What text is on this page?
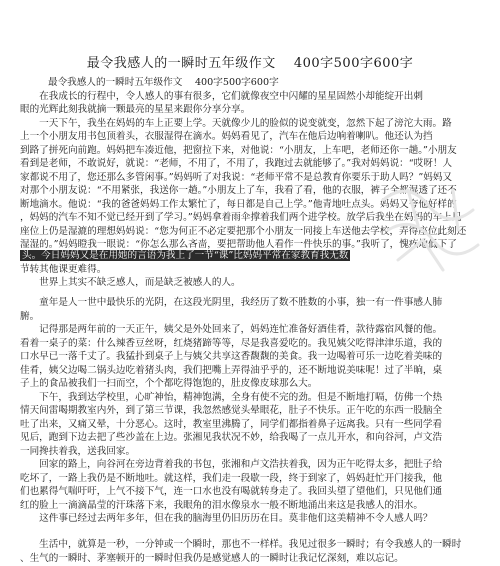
最令我感人的一瞬时五年级作文　 400字500字600字
最令我感人的一瞬时五年级作文　 400字500字600字
　　在我成长的行程中，令人感人的事有很多，它们就像夜空中闪耀的星星固然小却能绽开出刺
眼的光辉此刻我就摘一颗最亮的星星来跟你分享分享。
　　一天下午，我坐在妈妈的车上正要上学。天就像少儿的脸似的说变就变，忽然下起了滂沱大雨。路
上一个小朋友用书包顶着头，衣服湿得在滴水。妈妈看见了，汽车在他后边响着喇叭。他还认为挡
到路了拼死向前跑。妈妈把车凑近他，把窗拉下来，对他说：“小朋友，上车吧，老师还你一趟。”小朋友
看到是老师，不敢说好，就说：“老师，不用了，不用了，我跑过去就能够了。”我对妈妈说：“哎呀！人
家都说不用了，您还那么多管闲事。”妈妈听了对我说：“老师平常不是总教育你要乐于助人吗？”妈妈又
对那个小朋友说：“不用紧张，我送你一趟。”小朋友上了车，我看了看，他的衣服，裤子全都湿透了还不
断地滴水。他说：“我的爸爸妈妈工作太繁忙了，每日都是自己上学。”他青地吐点头。妈妈又夸他好样的
，妈妈的汽车不知不觉已经开到了学习。”妈妈拿着雨伞撑着我们两个进学校。放学后我坐在妈妈的车上见
座位上仍是湿漉的理想妈妈说：“您为何正不必定要把那个小朋友一同接上车送他去学校，弄得座位此刻还
湿湿的。”妈妈瞪我一眼说：“你怎么那么吝啬，要把帮助他人看作一件快乐的事。”我听了，愧疚地低下了
头。今日妈妈又是在用她的言语为我上了一节“课”比妈妈平常在家教育我无数
节转其他课更难得。
　　世界上其实不缺乏感人，而是缺乏被感人的人。
　　童年是人一世中最快乐的光阴，在这段光阴里，我经历了数不胜数的小事，独一有一件事感人肺
腑。
　　记得那是两年前的一天正午，姨父是外处回来了，妈妈连忙准备好酒佳肴，款待露宿风餐的他。
看着一桌子的菜：什么辣香豆丝呀，红烧猪蹄等等，尽是我喜爱吃的。我见姨父吃得津津乐道，我的
口水早已一落千丈了。我猛扑到桌子上与姨父共享这香馥馥的美食。我一边喝着可乐一边吃着美味的
佳肴，姨父边喝二锅头边吃着猪头肉，我们把嘴上弄得油乎乎的，还不断地说美味呢！过了半晌，桌
子上的食品被我们一扫而空，个个都吃得饱饱的，肚皮像皮球那么大。
　　下午，我到达学校里，心旷神怡，精神饱满，全身有使不完的劲。但是不断地打嗝，仿佛一个热
情天间雷喝期教室内外，到了第三节课，我忽然感觉头晕眼花，肚子不快乐。正午吃的东西一股脑全
吐了出来，又痛又晕，十分恶心。这时，教室里沸腾了，同学们都指着鼻子远离我。只有一些同学看
见后，跑到下边去把了些沙盖在上边。张湘见我状况不妙，给我喝了一点儿开水，和向谷河，卢文浩
一同搀扶着我，送我回家。
　　回家的路上，向谷河在旁边背着我的书包，张湘和卢文浩扶着我，因为正午吃得太多，把肚子给
吃坏了，一路上我仍是不断地吐。就这样，我们走一段歇一段，终于到家了，妈妈赶忙开门接我，他
们也累得气喘吁吁，上气不接下气，连一口水也没有喝就转身走了。我回头望了望他们，只见他们通
红的脸上一滴滴晶莹的汗珠落下来，我眼角的泪水像泉水一般不断地涌出来这是我感人的泪水。
　　这件事已经过去两年多年，但在我的脑海里仍旧历历在目。莫非他们这美精神不令人感人吗？
　　生活中，就算是一秒，一分钟或一个瞬时，那也不一样样。我见过很多一瞬时；有令我感人的一瞬时
、生气的一瞬时、茅塞顿开的一瞬时但我仍是感觉感人的一瞬时让我记忆深刻，难以忘记。
